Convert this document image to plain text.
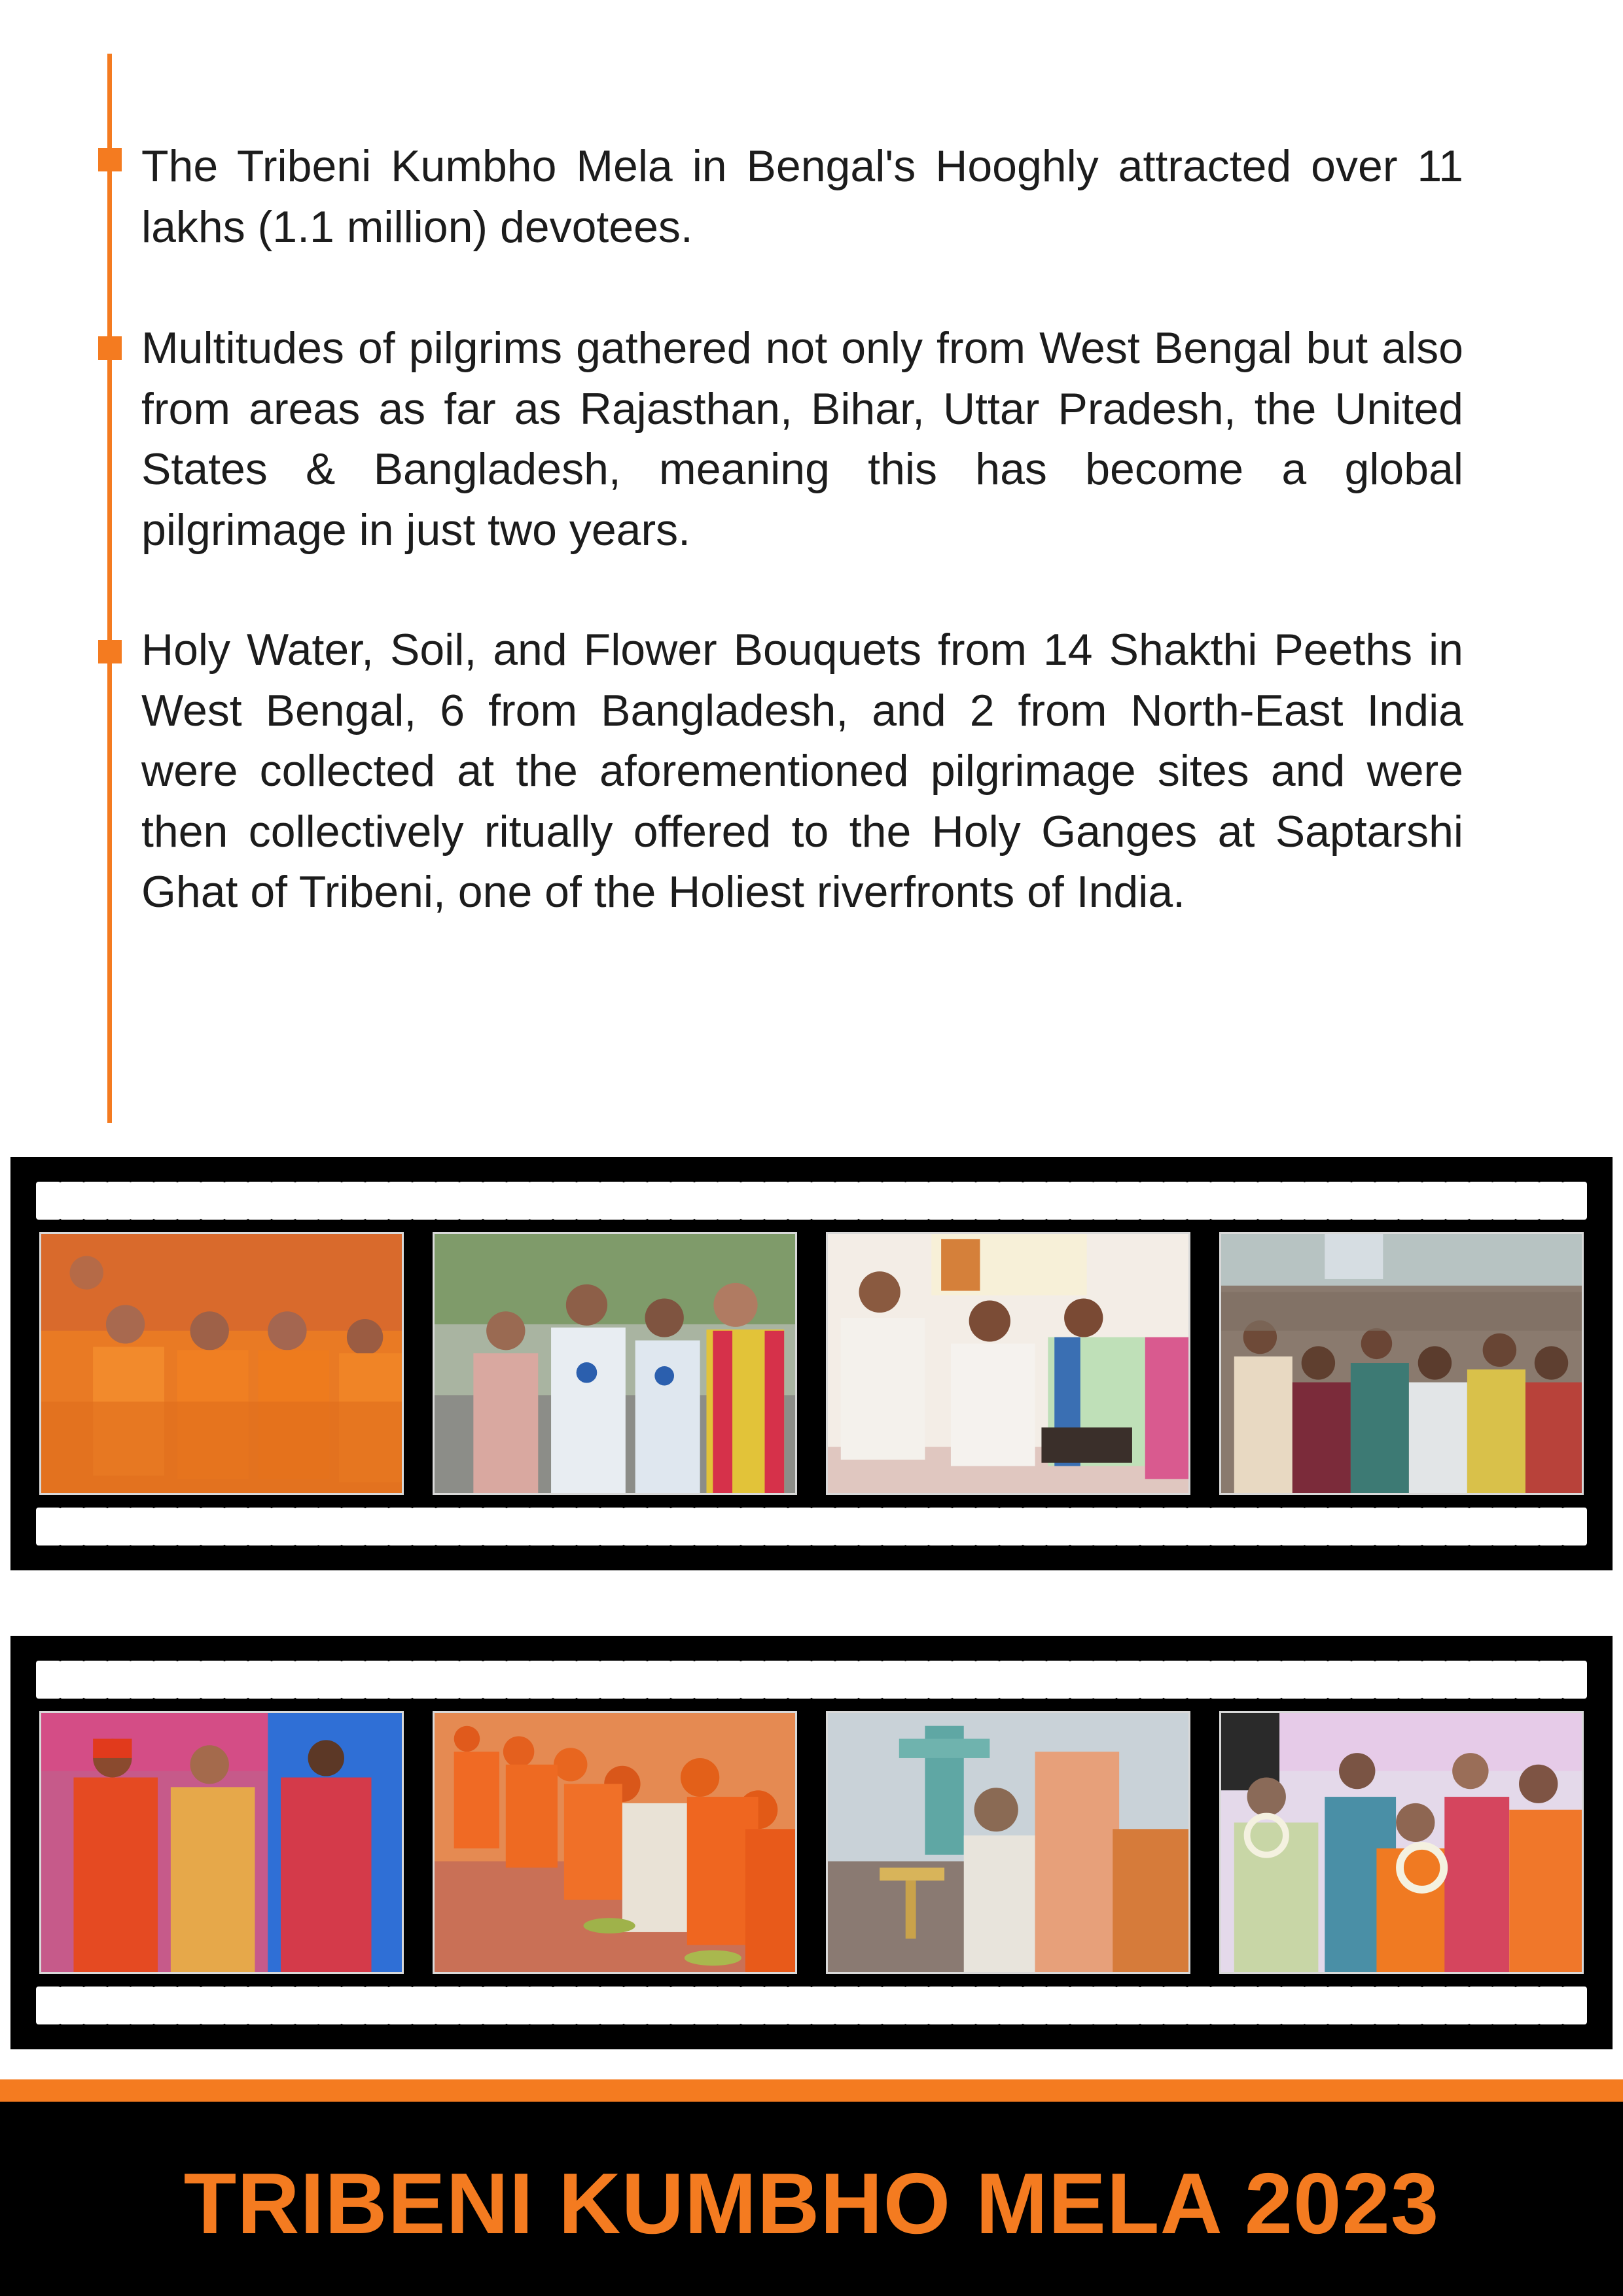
The Tribeni Kumbho Mela in Bengal's Hooghly attracted over 11 lakhs (1.1 million) devotees.

Multitudes of pilgrims gathered not only from West Bengal but also from areas as far as Rajasthan, Bihar, Uttar Pradesh, the United States & Bangladesh, meaning this has become a global pilgrimage in just two years.

Holy Water, Soil, and Flower Bouquets from 14 Shakthi Peeths in West Bengal, 6 from Bangladesh, and 2 from North-East India were collected at the aforementioned pilgrimage sites and were then collectively ritually offered to the Holy Ganges at Saptarshi Ghat of Tribeni, one of the Holiest riverfronts of India.

TRIBENI KUMBHO MELA 2023
